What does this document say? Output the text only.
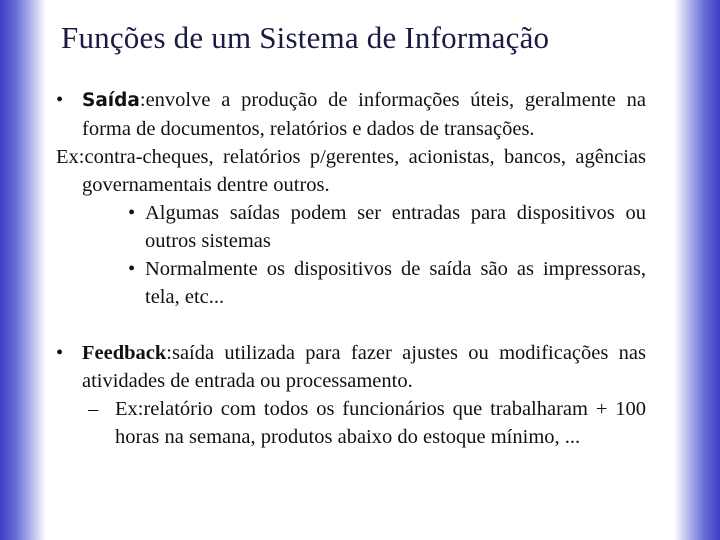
Funções de um Sistema de Informação
• Saída:envolve a produção de informações úteis, geralmente na forma de documentos, relatórios e dados de transações.
Ex:contra-cheques, relatórios p/gerentes, acionistas, bancos, agências governamentais dentre outros.
• Algumas saídas podem ser entradas para dispositivos ou outros sistemas
• Normalmente os dispositivos de saída são as impressoras, tela, etc...
• Feedback:saída utilizada para fazer ajustes ou modificações nas atividades de entrada ou processamento.
– Ex:relatório com todos os funcionários que trabalharam + 100 horas na semana, produtos abaixo do estoque mínimo, ...
